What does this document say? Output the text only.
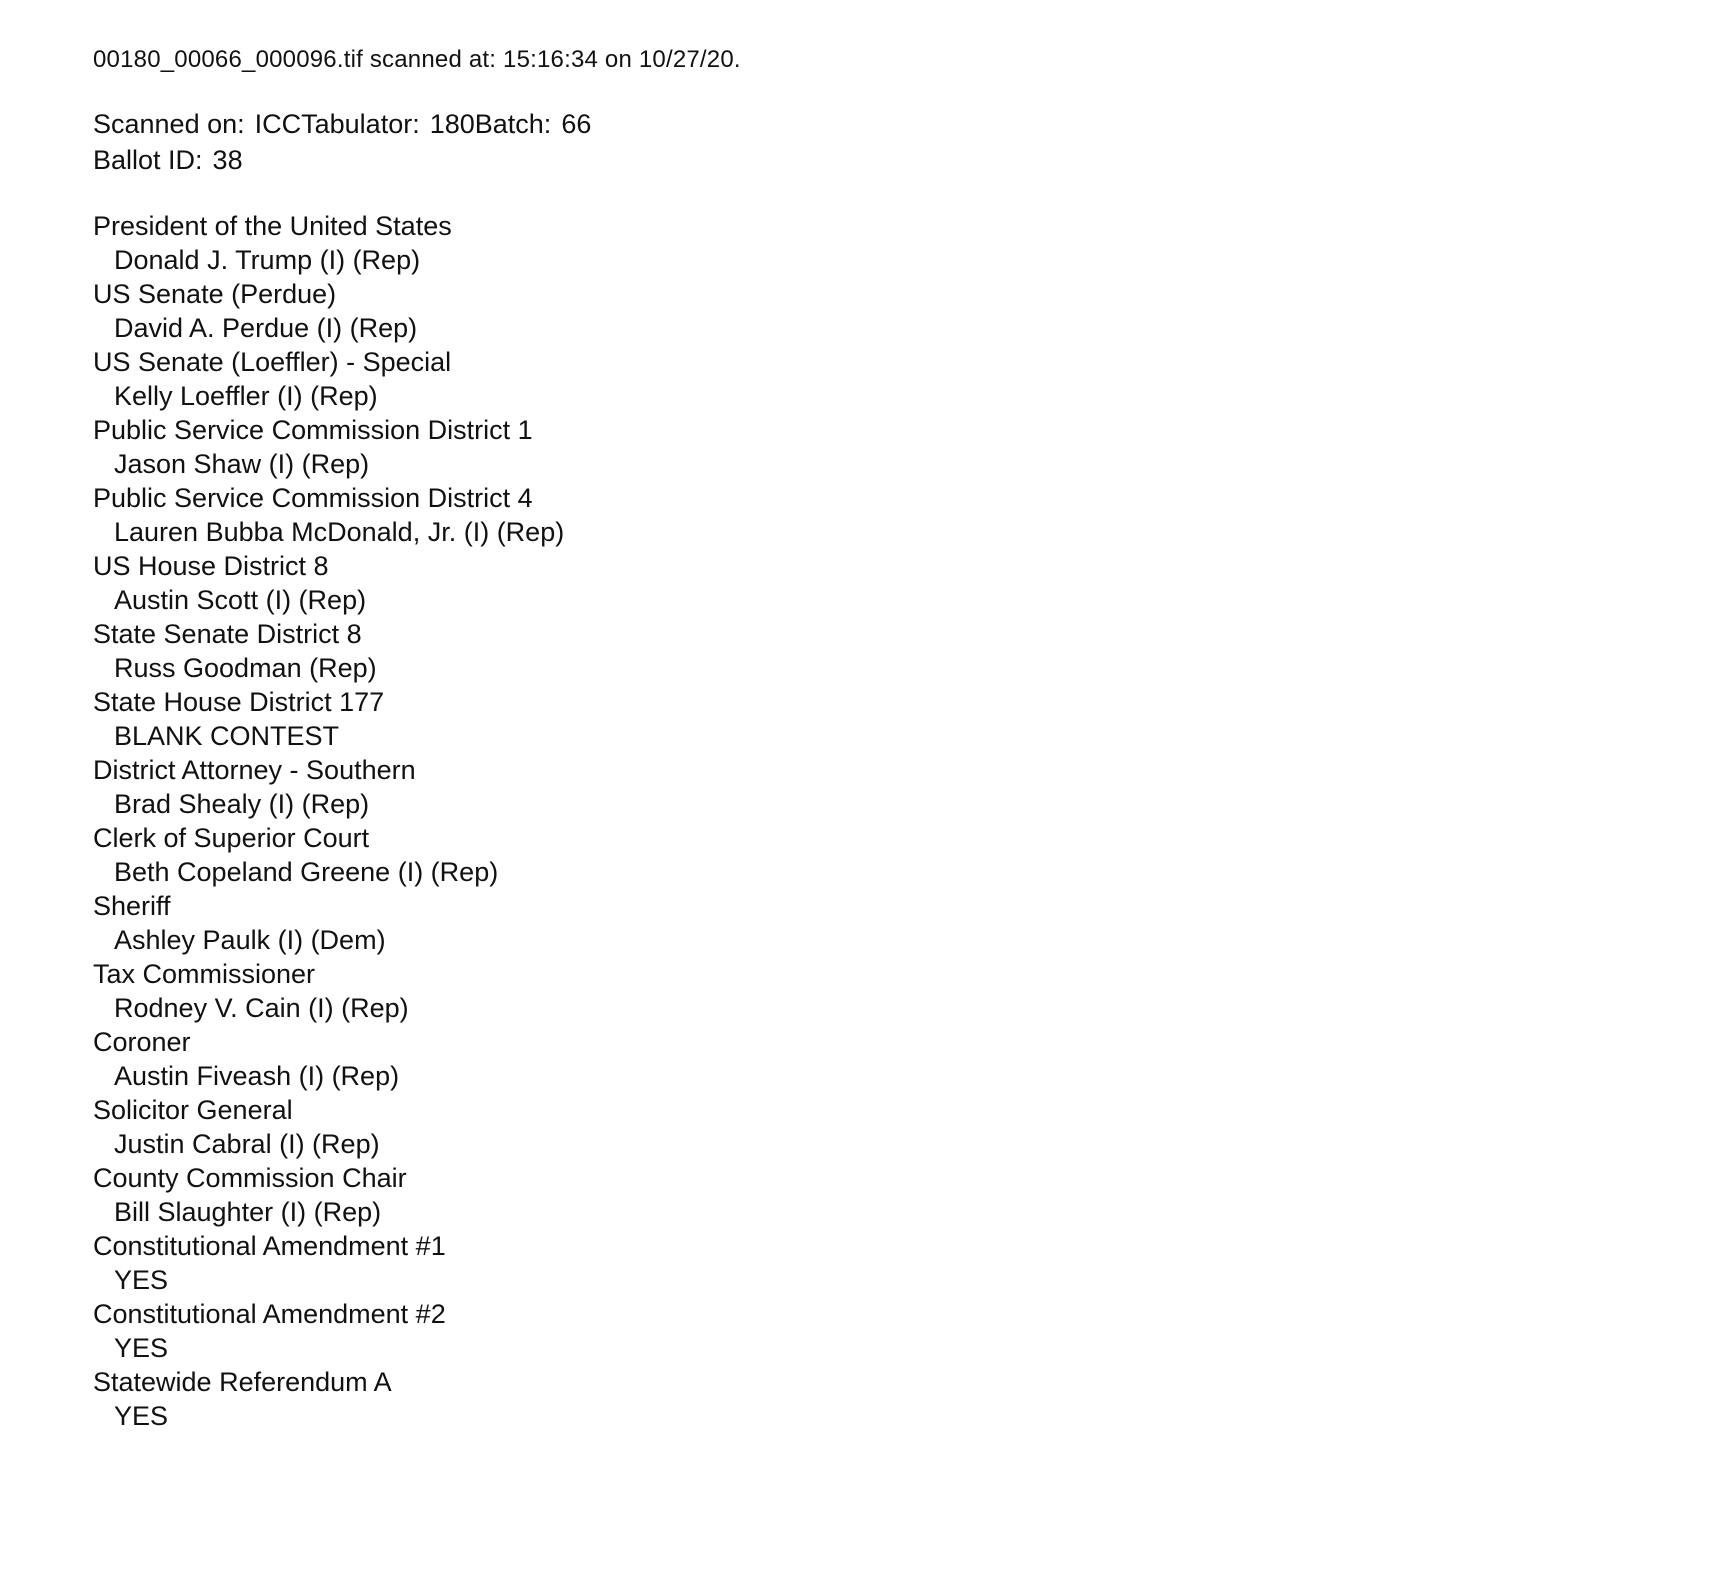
00180_00066_000096.tif scanned at: 15:16:34 on 10/27/20.
Scanned on: ICCTabulator: 180Batch: 66
Ballot ID: 38
President of the United States
Donald J. Trump (I) (Rep)
US Senate (Perdue)
David A. Perdue (I) (Rep)
US Senate (Loeffler) - Special
Kelly Loeffler (I) (Rep)
Public Service Commission District 1
Jason Shaw (I) (Rep)
Public Service Commission District 4
Lauren Bubba McDonald, Jr. (I) (Rep)
US House District 8
Austin Scott (I) (Rep)
State Senate District 8
Russ Goodman (Rep)
State House District 177
BLANK CONTEST
District Attorney - Southern
Brad Shealy (I) (Rep)
Clerk of Superior Court
Beth Copeland Greene (I) (Rep)
Sheriff
Ashley Paulk (I) (Dem)
Tax Commissioner
Rodney V. Cain (I) (Rep)
Coroner
Austin Fiveash (I) (Rep)
Solicitor General
Justin Cabral (I) (Rep)
County Commission Chair
Bill Slaughter (I) (Rep)
Constitutional Amendment #1
YES
Constitutional Amendment #2
YES
Statewide Referendum A
YES
